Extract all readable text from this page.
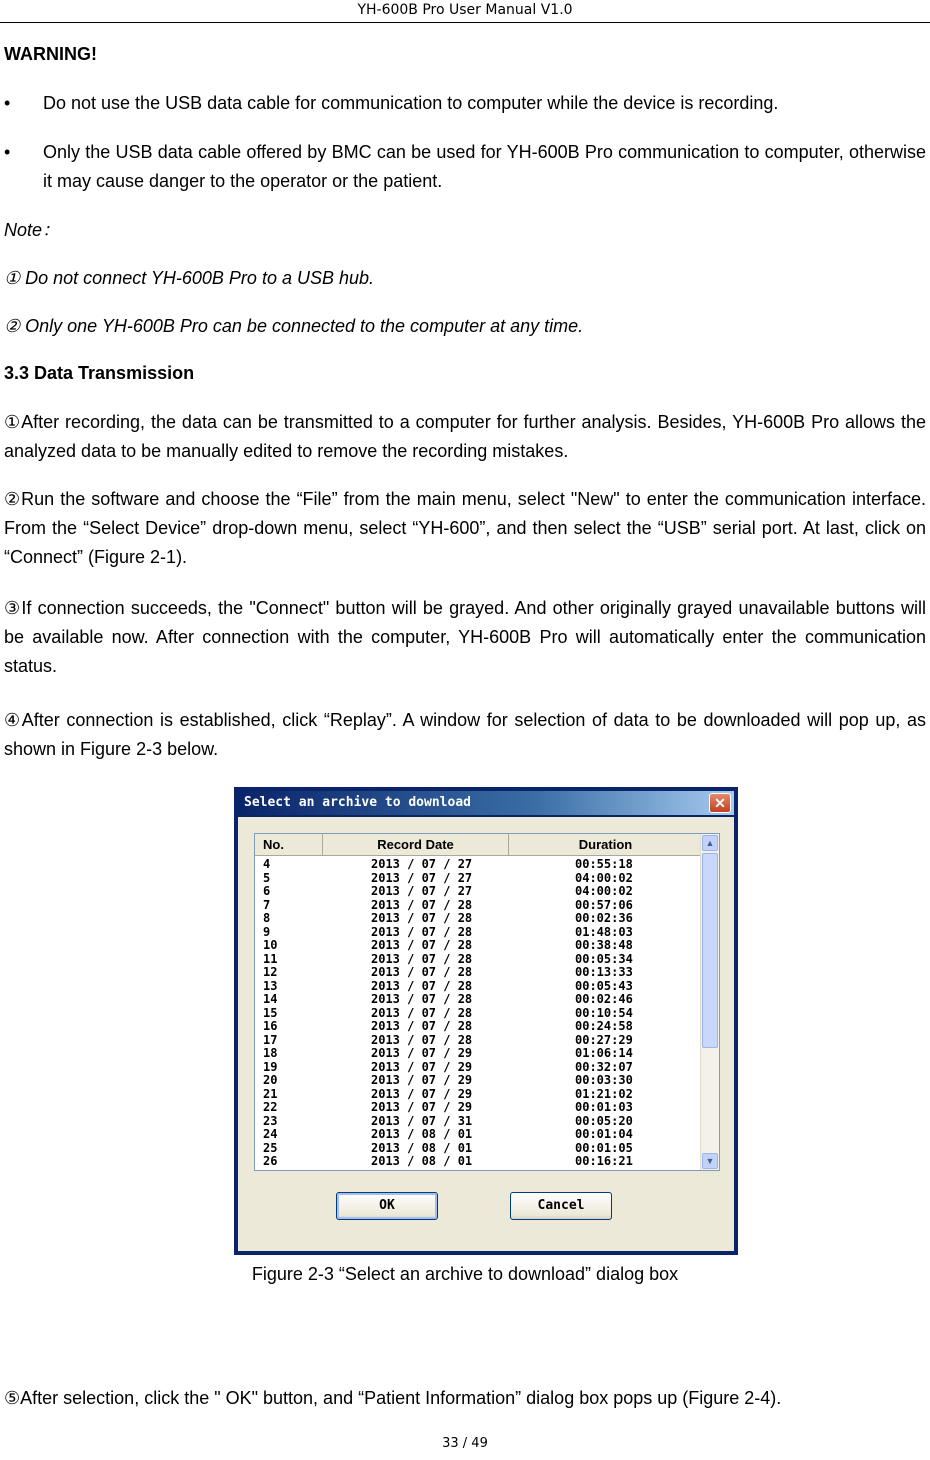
YH-600B Pro User Manual V1.0

WARNING!

• Do not use the USB data cable for communication to computer while the device is recording.
• Only the USB data cable offered by BMC can be used for YH-600B Pro communication to computer, otherwise it may cause danger to the operator or the patient.

Note：

① Do not connect YH-600B Pro to a USB hub.

② Only one YH-600B Pro can be connected to the computer at any time.

3.3 Data Transmission

①After recording, the data can be transmitted to a computer for further analysis. Besides, YH-600B Pro allows the analyzed data to be manually edited to remove the recording mistakes.

②Run the software and choose the “File” from the main menu, select "New" to enter the communication interface. From the “Select Device” drop-down menu, select “YH-600”, and then select the “USB” serial port. At last, click on “Connect” (Figure 2-1).

③If connection succeeds, the "Connect" button will be grayed. And other originally grayed unavailable buttons will be available now. After connection with the computer, YH-600B Pro will automatically enter the communication status.

④After connection is established, click “Replay”. A window for selection of data to be downloaded will pop up, as shown in Figure 2-3 below.

Select an archive to download	✕
No.	Record Date	Duration
4	2013 / 07 / 27	00:55:18
5	2013 / 07 / 27	04:00:02
6	2013 / 07 / 27	04:00:02
7	2013 / 07 / 28	00:57:06
8	2013 / 07 / 28	00:02:36
9	2013 / 07 / 28	01:48:03
10	2013 / 07 / 28	00:38:48
11	2013 / 07 / 28	00:05:34
12	2013 / 07 / 28	00:13:33
13	2013 / 07 / 28	00:05:43
14	2013 / 07 / 28	00:02:46
15	2013 / 07 / 28	00:10:54
16	2013 / 07 / 28	00:24:58
17	2013 / 07 / 28	00:27:29
18	2013 / 07 / 29	01:06:14
19	2013 / 07 / 29	00:32:07
20	2013 / 07 / 29	00:03:30
21	2013 / 07 / 29	01:21:02
22	2013 / 07 / 29	00:01:03
23	2013 / 07 / 31	00:05:20
24	2013 / 08 / 01	00:01:04
25	2013 / 08 / 01	00:01:05
26	2013 / 08 / 01	00:16:21
▲
▼
OK	Cancel
Figure 2-3 “Select an archive to download” dialog box

⑤After selection, click the " OK" button, and “Patient Information” dialog box pops up (Figure 2-4).

33 / 49
